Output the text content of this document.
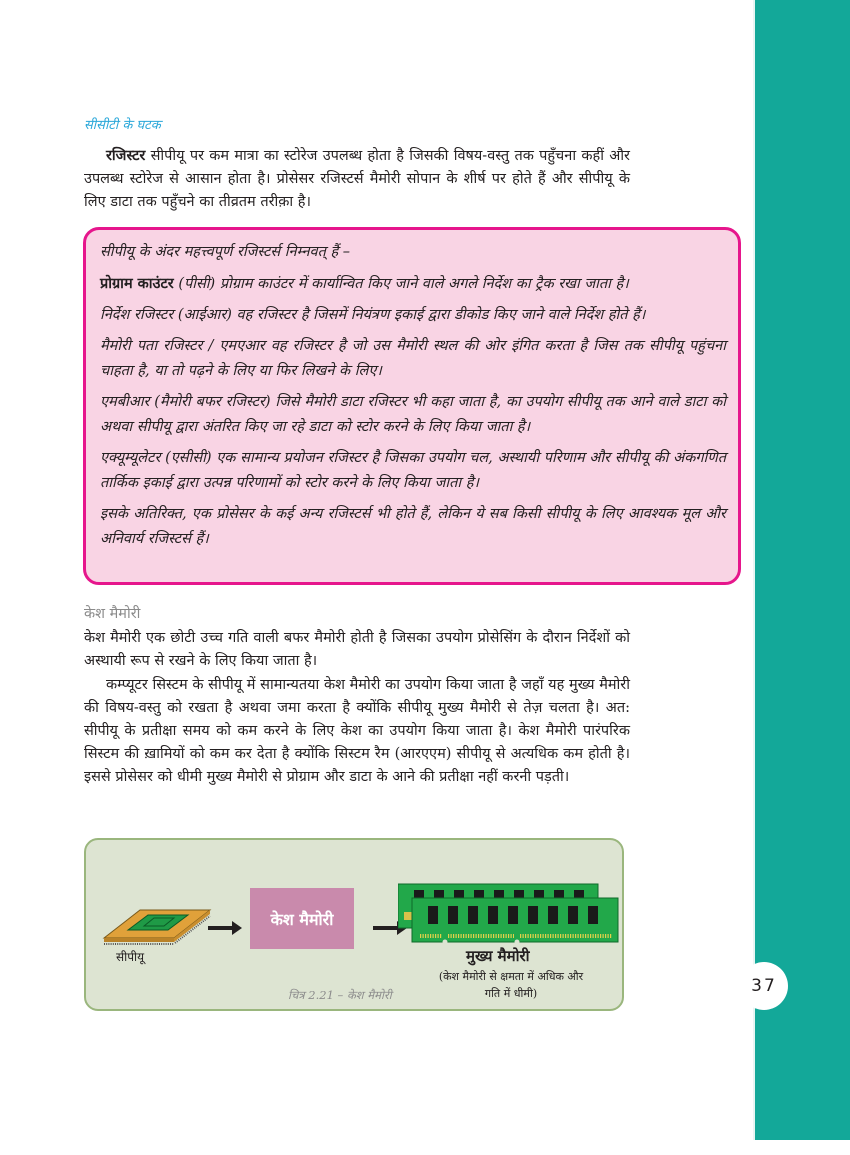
37
सीसीटी के घटक
रजिस्टर सीपीयू पर कम मात्रा का स्टोरेज उपलब्ध होता है जिसकी विषय-वस्तु तक पहुँचना कहीं और उपलब्ध स्टोरेज से आसान होता है। प्रोसेसर रजिस्टर्स मैमोरी सोपान के शीर्ष पर होते हैं और सीपीयू के लिए डाटा तक पहुँचने का तीव्रतम तरीक़ा है।

सीपीयू के अंदर महत्त्वपूर्ण रजिस्टर्स निम्नवत् हैं –

प्रोग्राम काउंटर (पीसी) प्रोग्राम काउंटर में कार्यान्वित किए जाने वाले अगले निर्देश का ट्रैक रखा जाता है।

निर्देश रजिस्टर (आईआर) वह रजिस्टर है जिसमें नियंत्रण इकाई द्वारा डीकोड किए जाने वाले निर्देश होते हैं।

मैमोरी पता रजिस्टर / एमएआर वह रजिस्टर है जो उस मैमोरी स्थल की ओर इंगित करता है जिस तक सीपीयू पहुंचना चाहता है, या तो पढ़ने के लिए या फिर लिखने के लिए।

एमबीआर (मैमोरी बफर रजिस्टर) जिसे मैमोरी डाटा रजिस्टर भी कहा जाता है, का उपयोग सीपीयू तक आने वाले डाटा को अथवा सीपीयू द्वारा अंतरित किए जा रहे डाटा को स्टोर करने के लिए किया जाता है।

एक्यूम्यूलेटर (एसीसी) एक सामान्य प्रयोजन रजिस्टर है जिसका उपयोग चल, अस्थायी परिणाम और सीपीयू की अंकगणित तार्किक इकाई द्वारा उत्पन्न परिणामों को स्टोर करने के लिए किया जाता है।

इसके अतिरिक्त, एक प्रोसेसर के कई अन्य रजिस्टर्स भी होते हैं, लेकिन ये सब किसी सीपीयू के लिए आवश्यक मूल और अनिवार्य रजिस्टर्स हैं।

केश मैमोरी
केश मैमोरी एक छोटी उच्च गति वाली बफर मैमोरी होती है जिसका उपयोग प्रोसेसिंग के दौरान निर्देशों को अस्थायी रूप से रखने के लिए किया जाता है।
कम्प्यूटर सिस्टम के सीपीयू में सामान्यतया केश मैमोरी का उपयोग किया जाता है जहाँ यह मुख्य मैमोरी की विषय-वस्तु को रखता है अथवा जमा करता है क्योंकि सीपीयू मुख्य मैमोरी से तेज़ चलता है। अत: सीपीयू के प्रतीक्षा समय को कम करने के लिए केश का उपयोग किया जाता है। केश मैमोरी पारंपरिक सिस्टम की ख़ामियों को कम कर देता है क्योंकि सिस्टम रैम (आरएएम) सीपीयू से अत्यधिक कम होती है। इससे प्रोसेसर को धीमी मुख्य मैमोरी से प्रोग्राम और डाटा के आने की प्रतीक्षा नहीं करनी पड़ती।
सीपीयू
केश मैमोरी
मुख्य मैमोरी
(केश मैमोरी से क्षमता में अधिक और गति में धीमी)
चित्र 2.21 – केश मैमोरी
